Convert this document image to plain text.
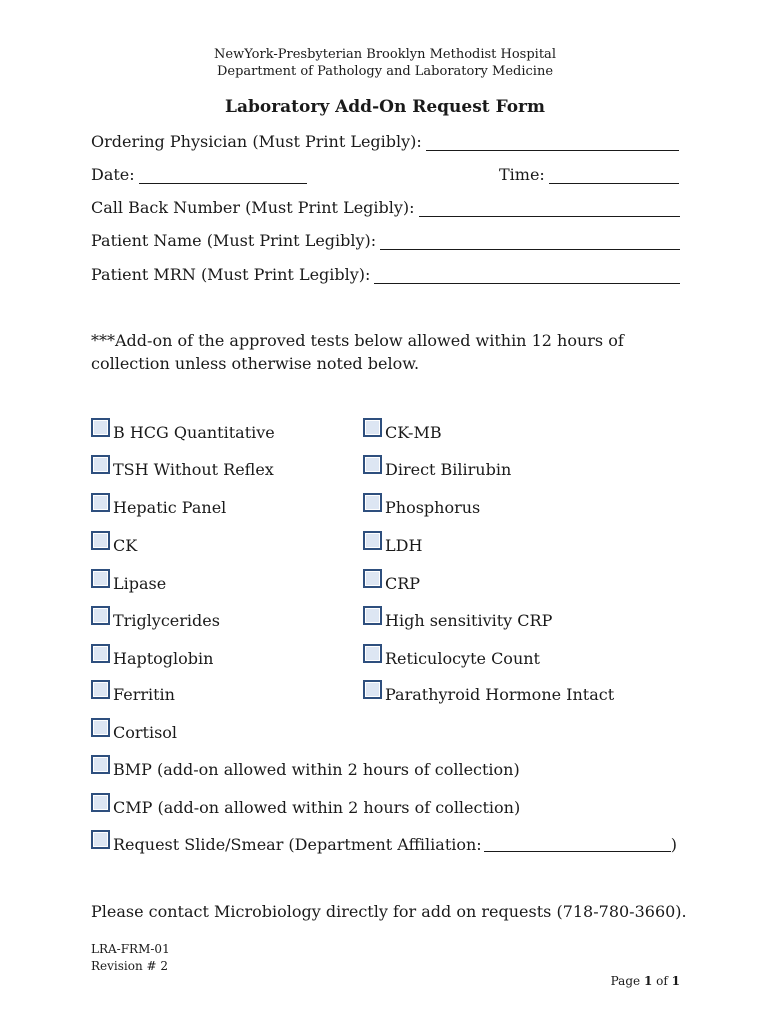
NewYork-Presbyterian Brooklyn Methodist Hospital
Department of Pathology and Laboratory Medicine
Laboratory Add-On Request Form
Ordering Physician (Must Print Legibly):
Date:	Time:
Call Back Number (Must Print Legibly):
Patient Name (Must Print Legibly):
Patient MRN (Must Print Legibly):
***Add-on of the approved tests below allowed within 12 hours of collection unless otherwise noted below.
B HCG Quantitative
TSH Without Reflex
Hepatic Panel
CK
Lipase
Triglycerides
Haptoglobin
Ferritin
CK-MB
Direct Bilirubin
Phosphorus
LDH
CRP
High sensitivity CRP
Reticulocyte Count
Parathyroid Hormone Intact
Cortisol
BMP (add-on allowed within 2 hours of collection)
CMP (add-on allowed within 2 hours of collection)
Request Slide/Smear (Department Affiliation:	)
Please contact Microbiology directly for add on requests (718-780-3660).
LRA-FRM-01
Revision # 2
Page 1 of 1
